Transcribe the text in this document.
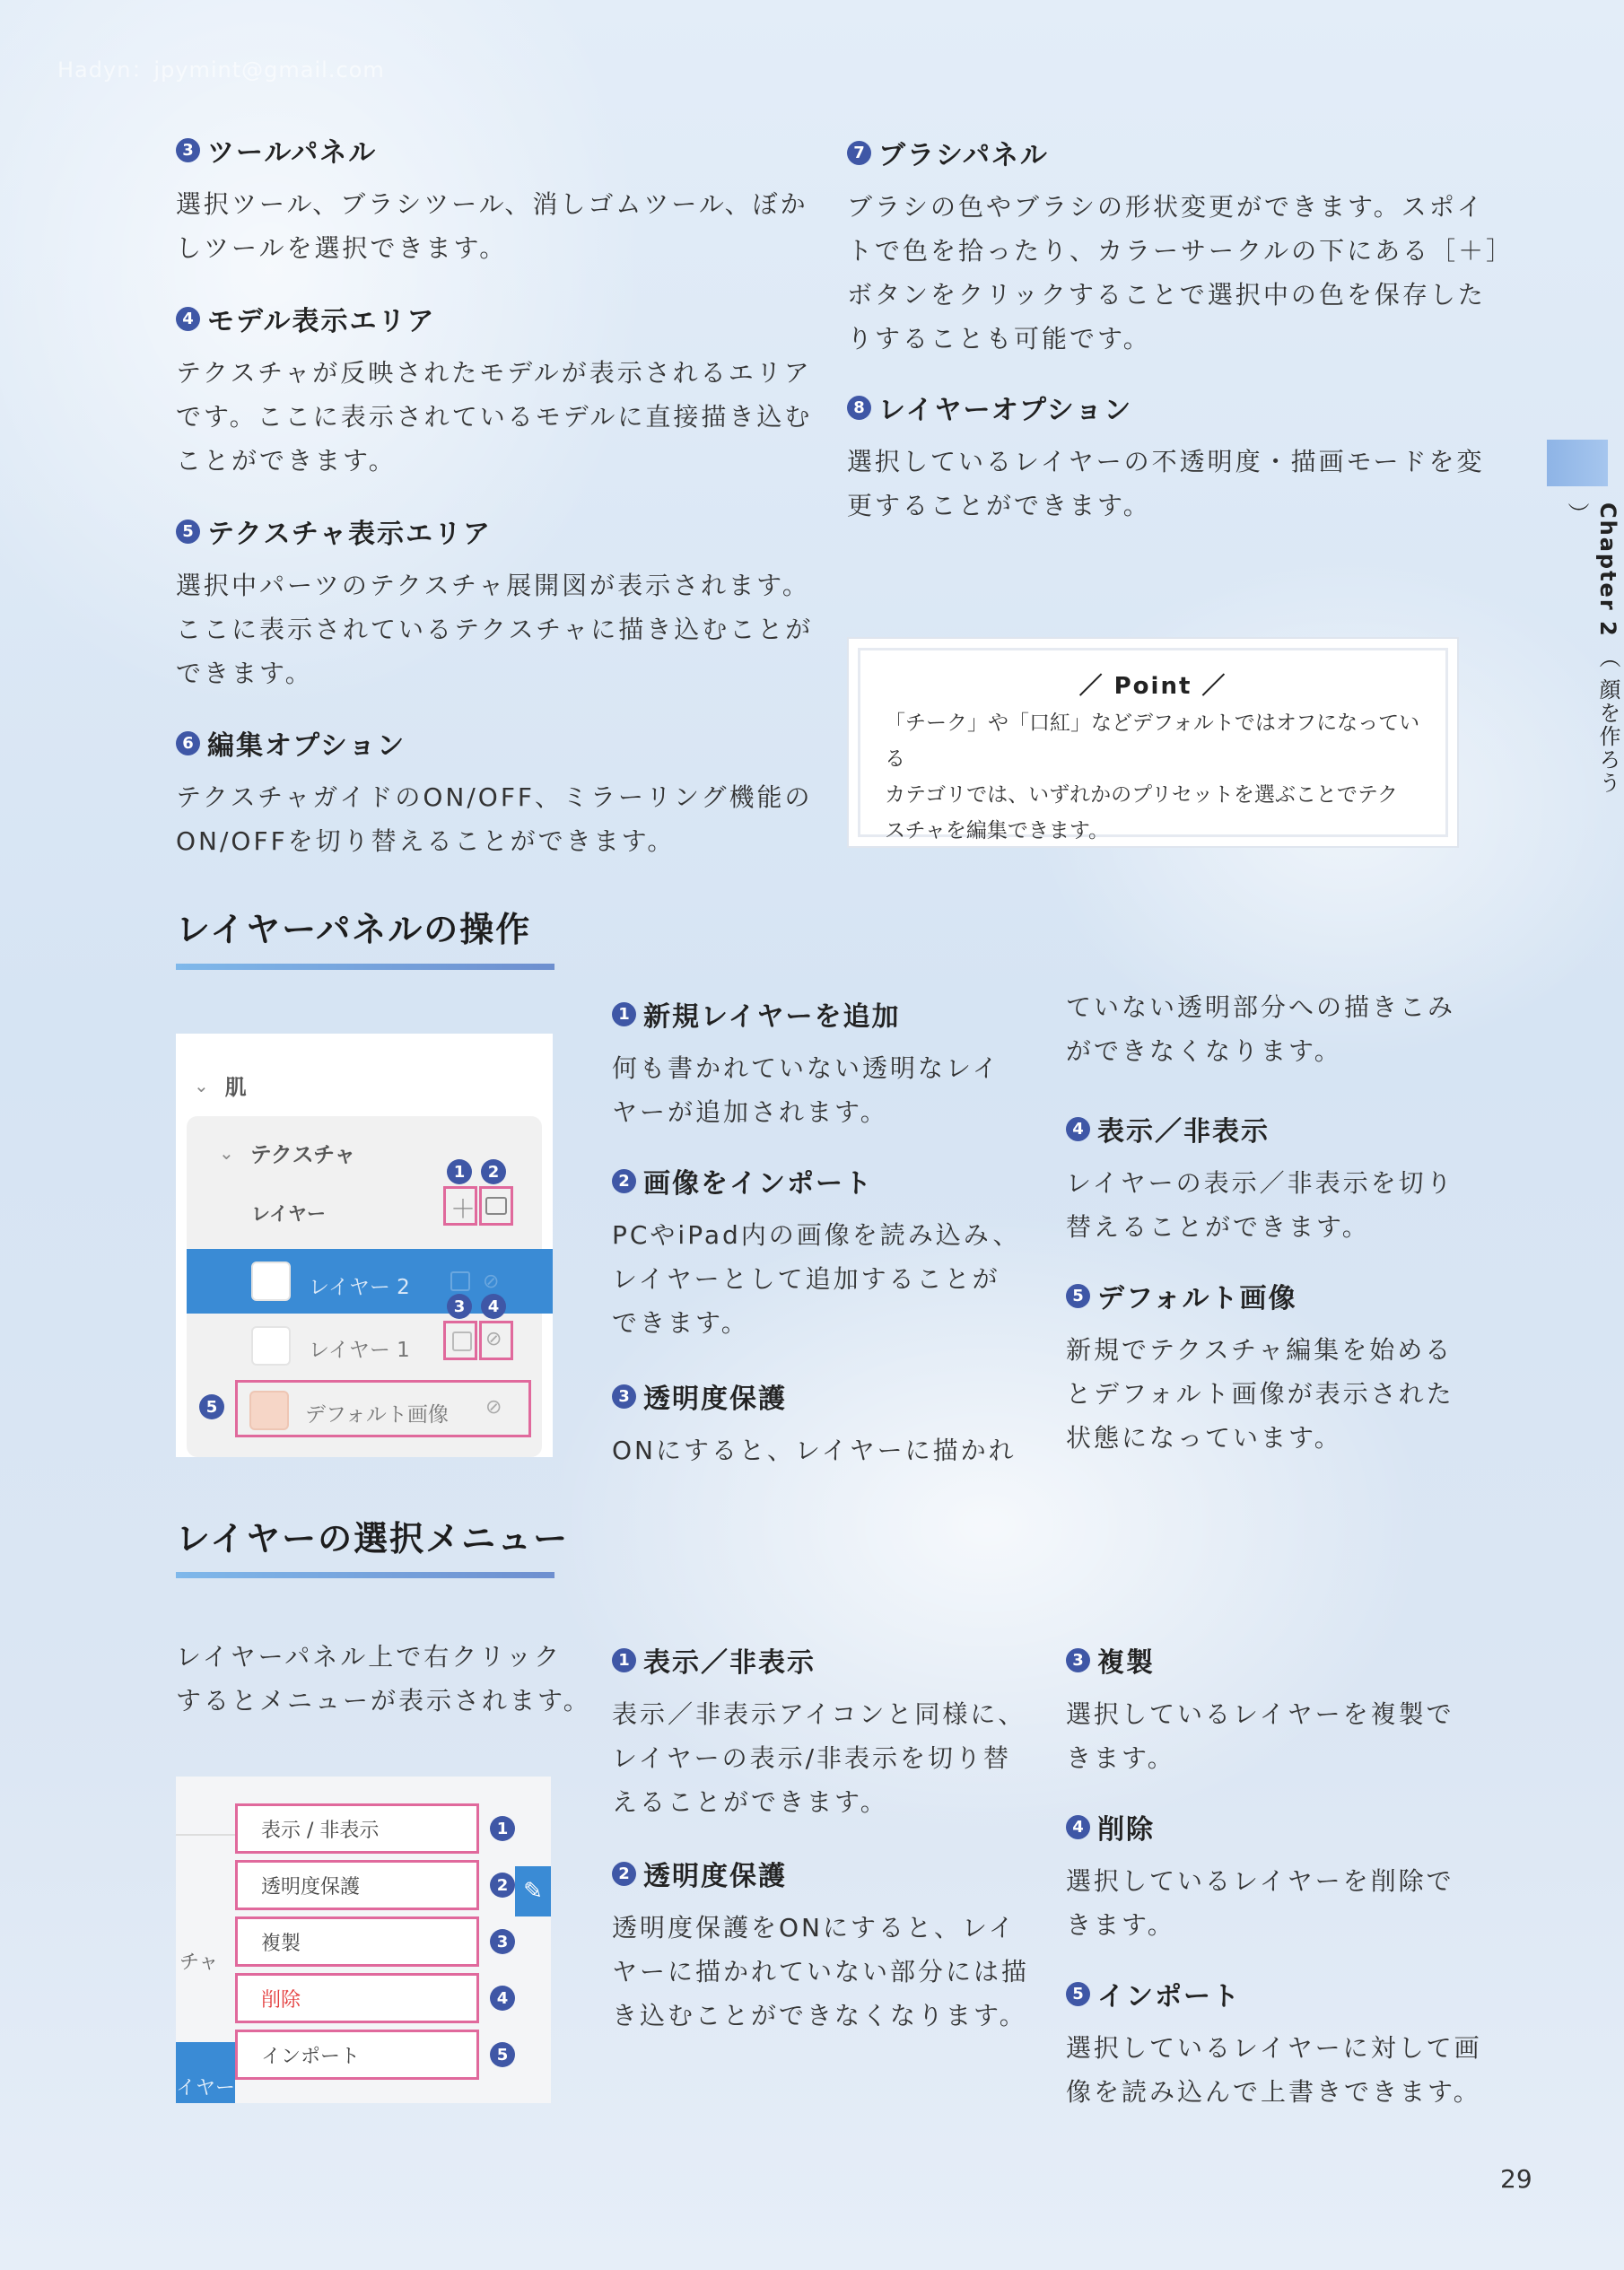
Hadyn：jpymint@gmail.com
3 ツールパネル
選択ツール、ブラシツール、消しゴムツール、ぼか
しツールを選択できます。
4 モデル表示エリア
テクスチャが反映されたモデルが表示されるエリア
です。ここに表示されているモデルに直接描き込む
ことができます。
5 テクスチャ表示エリア
選択中パーツのテクスチャ展開図が表示されます。
ここに表示されているテクスチャに描き込むことが
できます。
6 編集オプション
テクスチャガイドのON/OFF、ミラーリング機能の
ON/OFFを切り替えることができます。
7 ブラシパネル
ブラシの色やブラシの形状変更ができます。スポイ
トで色を拾ったり、カラーサークルの下にある［＋］
ボタンをクリックすることで選択中の色を保存した
りすることも可能です。
8 レイヤーオプション
選択しているレイヤーの不透明度・描画モードを変
更することができます。
／ Point ／
「チーク」や「口紅」などデフォルトではオフになっている
カテゴリでは、いずれかのプリセットを選ぶことでテク
スチャを編集できます。
Chapter 2 （ 顔を作ろう ）
レイヤーパネルの操作
⌄ 肌
⌄ テクスチャ
レイヤー	＋
1	2
レイヤー 2	⊘
レイヤー 1	⊘
3	4
デフォルト画像 ⊘
5
1 新規レイヤーを追加
何も書かれていない透明なレイ
ヤーが追加されます。
2 画像をインポート
PCやiPad内の画像を読み込み、
レイヤーとして追加することが
できます。
3 透明度保護
ONにすると、レイヤーに描かれ
ていない透明部分への描きこみ
ができなくなります。
4 表示／非表示
レイヤーの表示／非表示を切り
替えることができます。
5 デフォルト画像
新規でテクスチャ編集を始める
とデフォルト画像が表示された
状態になっています。
レイヤーの選択メニュー
レイヤーパネル上で右クリック
するとメニューが表示されます。
チャ
イヤー
✎
表示 / 非表示
透明度保護
複製
削除
インポート
1
2
3
4
5
1 表示／非表示
表示／非表示アイコンと同様に、
レイヤーの表示/非表示を切り替
えることができます。
2 透明度保護
透明度保護をONにすると、レイ
ヤーに描かれていない部分には描
き込むことができなくなります。
3 複製
選択しているレイヤーを複製で
きます。
4 削除
選択しているレイヤーを削除で
きます。
5 インポート
選択しているレイヤーに対して画
像を読み込んで上書きできます。
29
